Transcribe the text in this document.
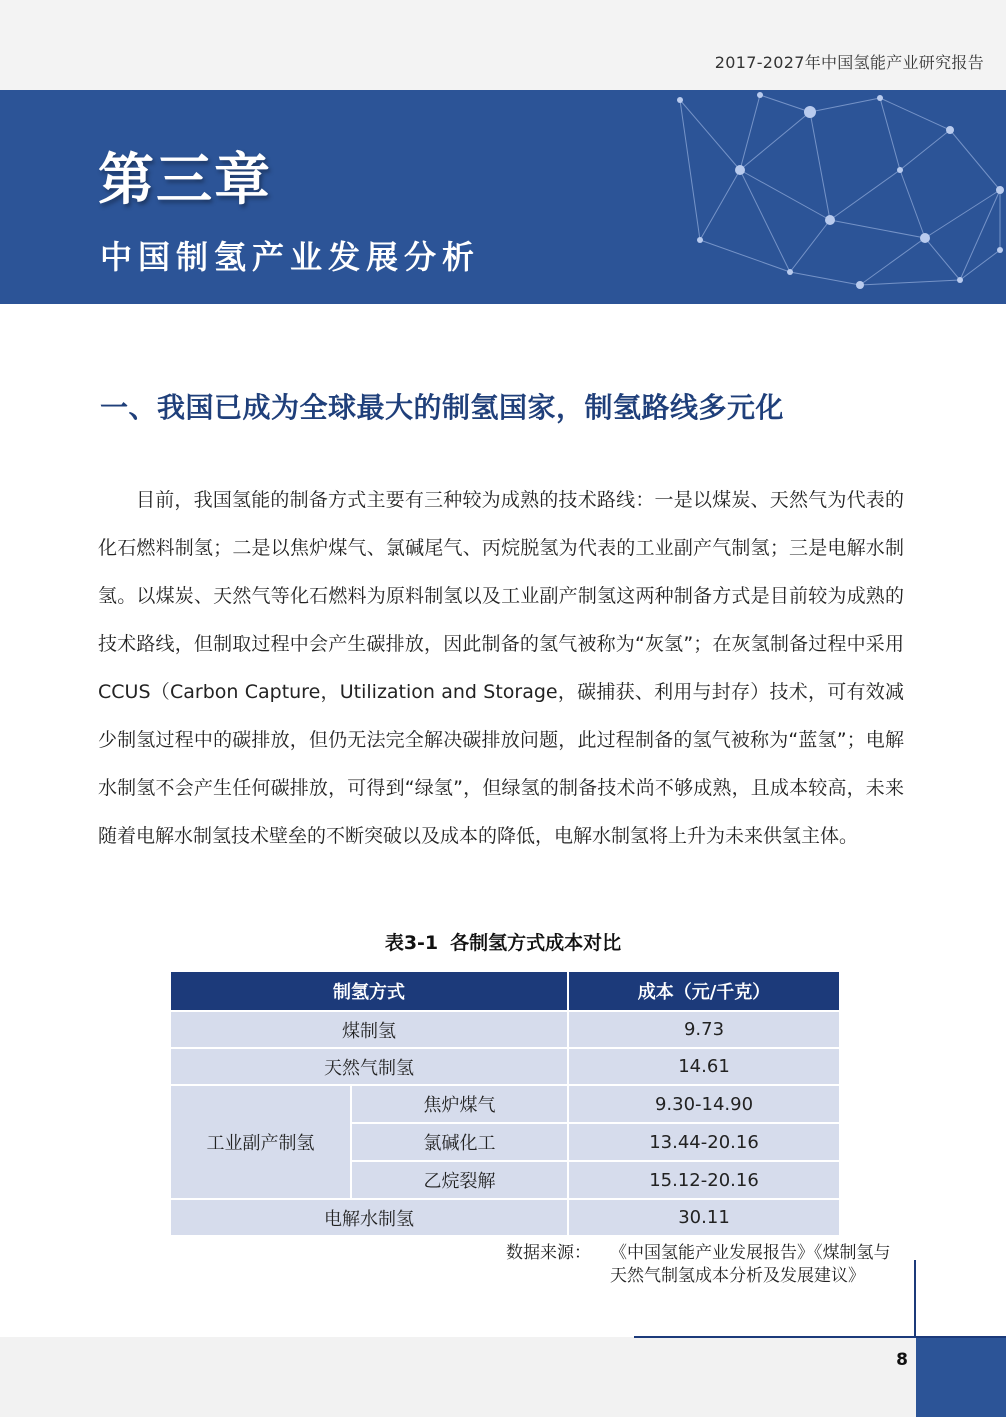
2017-2027年中国氢能产业研究报告
第三章
中国制氢产业发展分析
一、我国已成为全球最大的制氢国家，制氢路线多元化

目前，我国氢能的制备方式主要有三种较为成熟的技术路线：一是以煤炭、天然气为代表的化石燃料制氢；二是以焦炉煤气、氯碱尾气、丙烷脱氢为代表的工业副产气制氢；三是电解水制氢。以煤炭、天然气等化石燃料为原料制氢以及工业副产制氢这两种制备方式是目前较为成熟的技术路线，但制取过程中会产生碳排放，因此制备的氢气被称为“灰氢”；在灰氢制备过程中采用CCUS（Carbon Capture，Utilization and Storage，碳捕获、利用与封存）技术，可有效减少制氢过程中的碳排放，但仍无法完全解决碳排放问题，此过程制备的氢气被称为“蓝氢”；电解水制氢不会产生任何碳排放，可得到“绿氢”，但绿氢的制备技术尚不够成熟，且成本较高，未来随着电解水制氢技术壁垒的不断突破以及成本的降低，电解水制氢将上升为未来供氢主体。

表3-1 各制氢方式成本对比
制氢方式		成本（元/千克）
煤制氢		9.73
天然气制氢		14.61
工业副产制氢	焦炉煤气	9.30-14.90
	氯碱化工	13.44-20.16
	乙烷裂解	15.12-20.16
电解水制氢		30.11
数据来源： 《中国氢能产业发展报告》《煤制氢与天然气制氢成本分析及发展建议》
8
